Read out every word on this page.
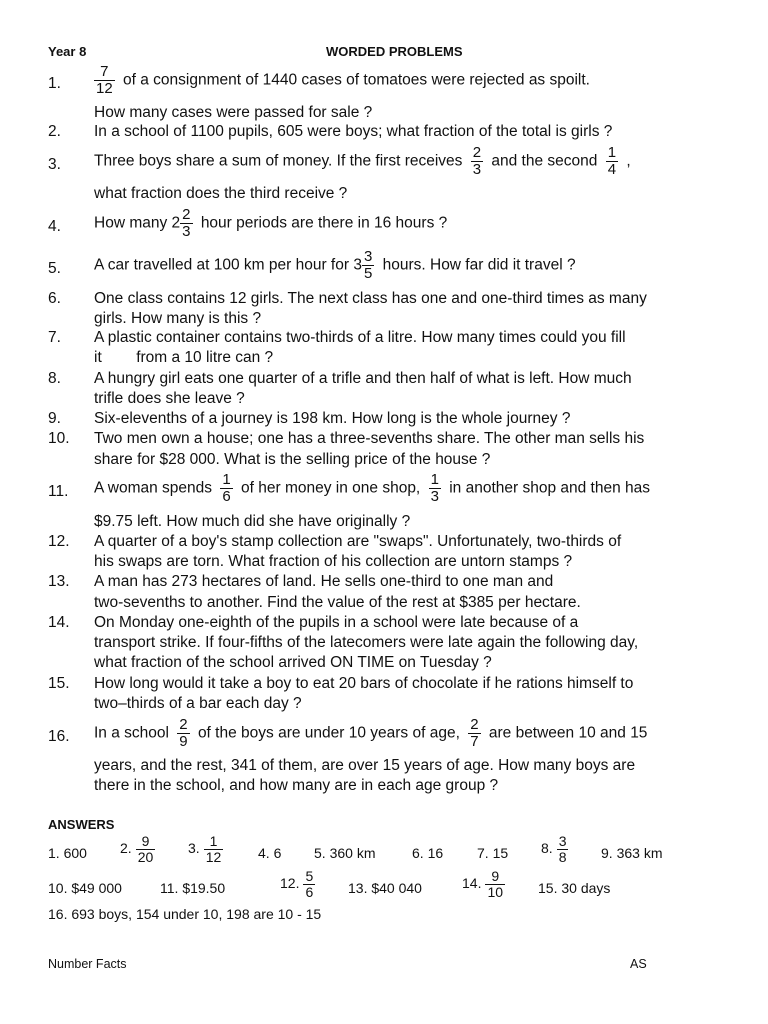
Year 8	WORDED PROBLEMS
1. $\frac{7}{12}$ of a consignment of 1440 cases of tomatoes were rejected as spoilt.
How many cases were passed for sale ?
2. In a school of 1100 pupils, 605 were boys; what fraction of the total is girls ?
3. Three boys share a sum of money. If the first receives $\frac{2}{3}$ and the second $\frac{1}{4}$ ,
what fraction does the third receive ?
4. How many $2 \frac{2}{3}$ hour periods are there in 16 hours ?
5. A car travelled at 100 km per hour for $3 \frac{3}{5}$ hours. How far did it travel ?
6. One class contains 12 girls. The next class has one and one-third times as many
girls. How many is this ?
7. A plastic container contains two-thirds of a litre. How many times could you fill
it        from a 10 litre can ?
8. A hungry girl eats one quarter of a trifle and then half of what is left. How much
trifle does she leave ?
9. Six-elevenths of a journey is 198 km. How long is the whole journey ?
10. Two men own a house; one has a three-sevenths share. The other man sells his
share for $28 000. What is the selling price of the house ?
11. A woman spends $\frac{1}{6}$ of her money in one shop, $\frac{1}{3}$ in another shop and then has
$9.75 left. How much did she have originally ?
12. A quarter of a boy's stamp collection are "swaps". Unfortunately, two-thirds of
his swaps are torn. What fraction of his collection are untorn stamps ?
13. A man has 273 hectares of land. He sells one-third to one man and
two-sevenths to another. Find the value of the rest at $385 per hectare.
14. On Monday one-eighth of the pupils in a school were late because of a
transport strike. If four-fifths of the latecomers were late again the following day,
what fraction of the school arrived ON TIME on Tuesday ?
15. How long would it take a boy to eat 20 bars of chocolate if he rations himself to
two–thirds of a bar each day ?
16. In a school $\frac{2}{9}$ of the boys are under 10 years of age, $\frac{2}{7}$ are between 10 and 15
years, and the rest, 341 of them, are over 15 years of age. How many boys are
there in the school, and how many are in each age group ?
ANSWERS
1. 600 2. $\frac{9}{20} 3$. $\frac{1}{12} 4$. 6 5. 360 km	6. 16 7. 15 8. $\frac{3}{8} 9$. 363 km
10. $49 000	11. $19.50	12. $\frac{5}{6} 13$. $40 040	14. $\frac{9}{10} 15$. 30 days
16. 693 boys, 154 under 10, 198 are 10 - 15
Number Facts	AS
